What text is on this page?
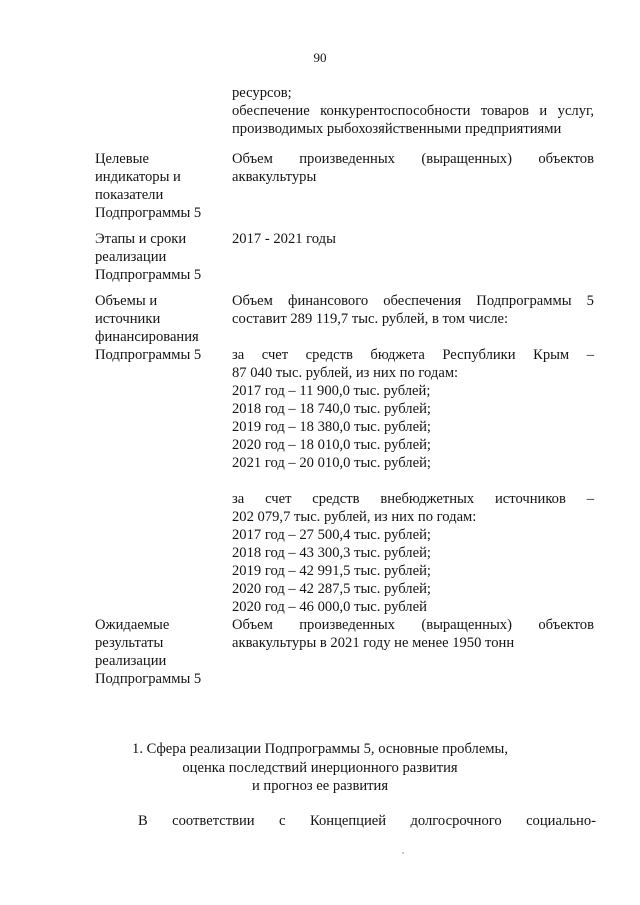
90
ресурсов;
обеспечение конкурентоспособности товаров и услуг,
производимых рыбохозяйственными предприятиями
Целевые
индикаторы и
показатели
Подпрограммы 5
Объем произведенных (выращенных) объектов
аквакультуры
Этапы и сроки
реализации
Подпрограммы 5
2017 - 2021 годы
Объемы и
источники
финансирования
Подпрограммы 5
Объем финансового обеспечения Подпрограммы 5
составит 289 119,7 тыс. рублей, в том числе:
за счет средств бюджета Республики Крым –
87 040 тыс. рублей, из них по годам:
2017 год – 11 900,0 тыс. рублей;
2018 год – 18 740,0 тыс. рублей;
2019 год – 18 380,0 тыс. рублей;
2020 год – 18 010,0 тыс. рублей;
2021 год – 20 010,0 тыс. рублей;
за счет средств внебюджетных источников –
202 079,7 тыс. рублей, из них по годам:
2017 год – 27 500,4 тыс. рублей;
2018 год – 43 300,3 тыс. рублей;
2019 год – 42 991,5 тыс. рублей;
2020 год – 42 287,5 тыс. рублей;
2020 год – 46 000,0 тыс. рублей
Ожидаемые
результаты
реализации
Подпрограммы 5
Объем произведенных (выращенных) объектов
аквакультуры в 2021 году не менее 1950 тонн
1. Сфера реализации Подпрограммы 5, основные проблемы,
оценка последствий инерционного развития
и прогноз ее развития
В соответствии с Концепцией долгосрочного социально-
